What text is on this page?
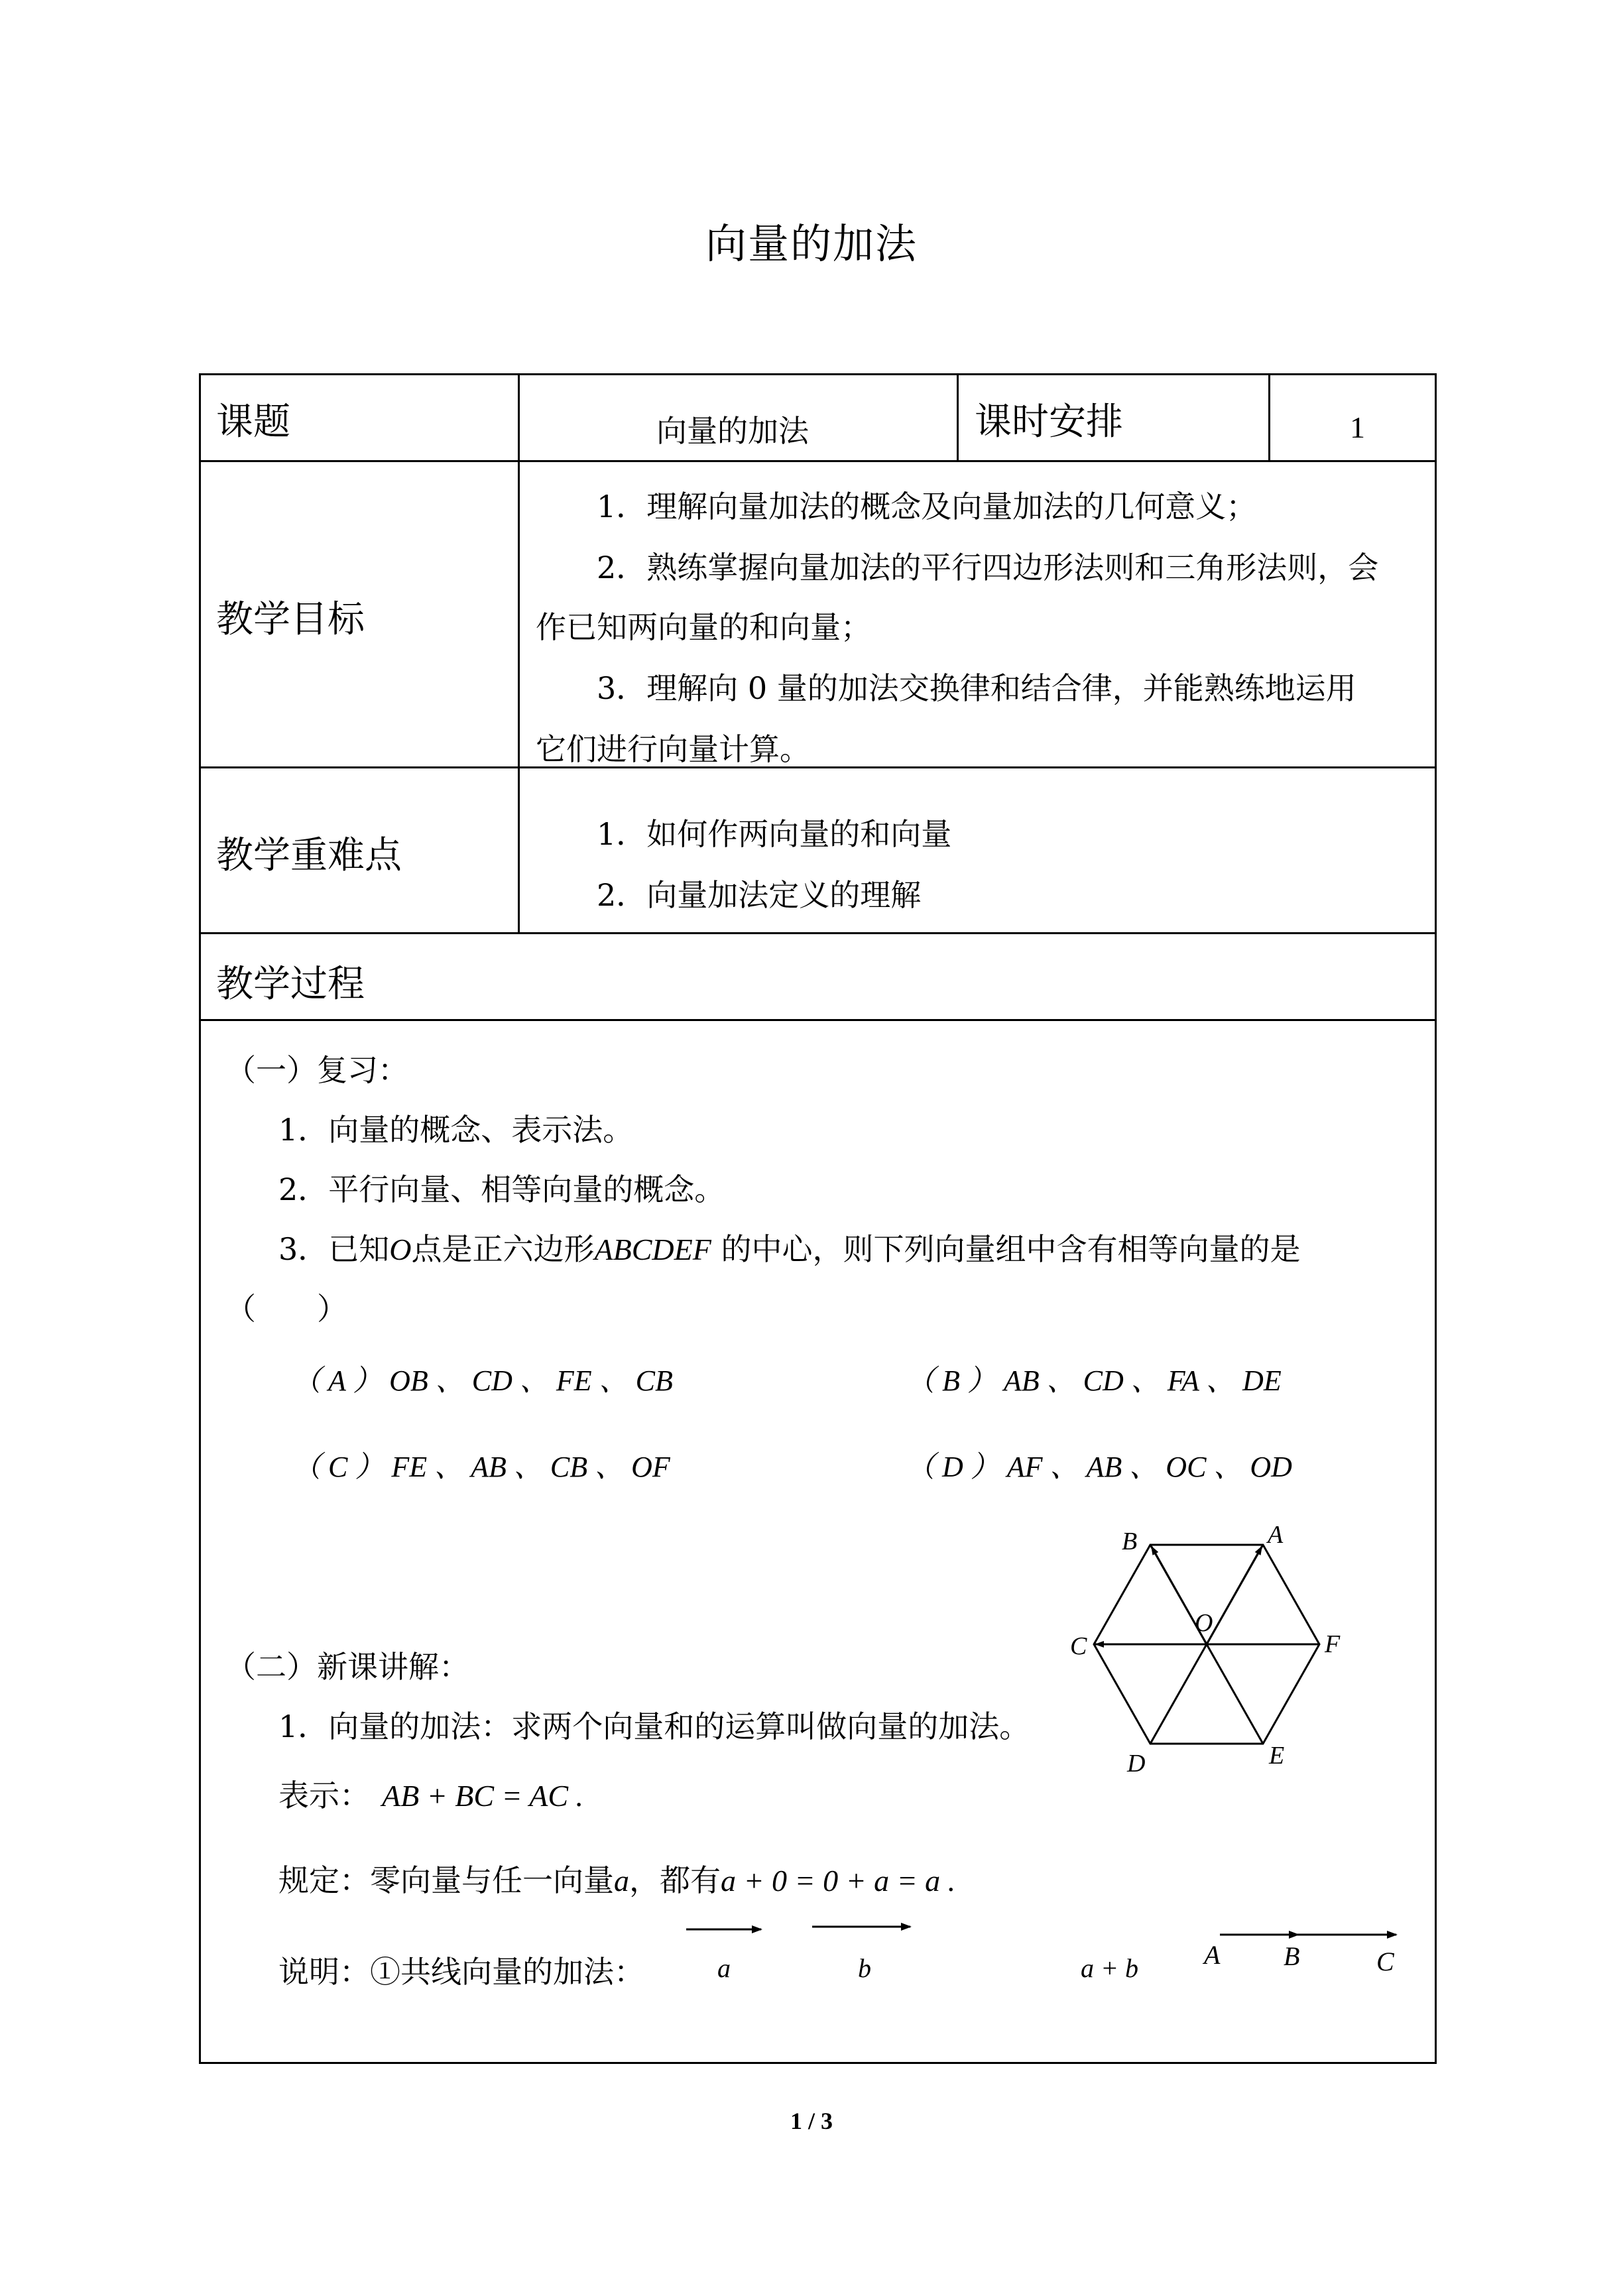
向量的加法
课题	向量的加法	课时安排	1
教学目标
1．理解向量加法的概念及向量加法的几何意义；
2．熟练掌握向量加法的平行四边形法则和三角形法则，会
作已知两向量的和向量；
3．理解向 0 量的加法交换律和结合律，并能熟练地运用
它们进行向量计算。
教学重难点	1．如何作两向量的和向量
2．向量加法定义的理解
教学过程
（一）复习：
1．向量的概念、表示法。
2．平行向量、相等向量的概念。
3．已知O点是正六边形ABCDEF 的中心，则下列向量组中含有相等向量的是
（　　）
（ A ） OB 、 CD 、 FE 、 CB	（ B ） AB 、 CD 、 FA 、 DE
（ C ） FE 、 AB 、 CB 、 OF	（ D ） AF 、 AB 、 OC 、 OD
B	A
O
C	F
D	E
（二）新课讲解：
1．向量的加法：求两个向量和的运算叫做向量的加法。
表示： AB + BC = AC .
规定：零向量与任一向量a，都有a + 0 = 0 + a = a .
说明：①共线向量的加法：	a	b	a + b A B	C
1 / 3
